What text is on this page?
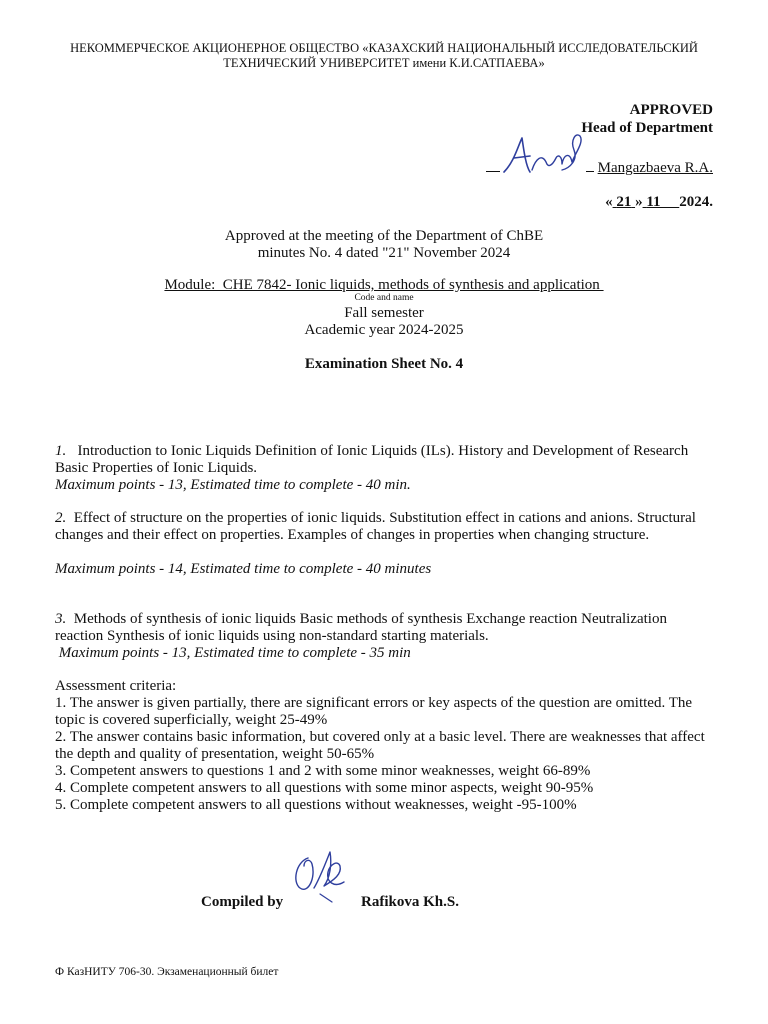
НЕКОММЕРЧЕСКОЕ АКЦИОНЕРНОЕ ОБЩЕСТВО «КАЗАХСКИЙ НАЦИОНАЛЬНЫЙ ИССЛЕДОВАТЕЛЬСКИЙ
ТЕХНИЧЕСКИЙ УНИВЕРСИТЕТ имени К.И.САТПАЕВА»
APPROVED
Head of Department
Mangazbaeva R.A.
« 21 » 11 2024.
Approved at the meeting of the Department of ChBE
minutes No. 4 dated "21" November 2024
Module:  CHE 7842- Ionic liquids, methods of synthesis and application
Code and name
Fall semester
Academic year 2024-2025
Examination Sheet No. 4
1. Introduction to Ionic Liquids Definition of Ionic Liquids (ILs). History and Development of Research Basic Properties of Ionic Liquids.
Maximum points - 13, Estimated time to complete - 40 min.
2. Effect of structure on the properties of ionic liquids. Substitution effect in cations and anions. Structural changes and their effect on properties. Examples of changes in properties when changing structure.
Maximum points - 14, Estimated time to complete - 40 minutes
3. Methods of synthesis of ionic liquids Basic methods of synthesis Exchange reaction Neutralization reaction Synthesis of ionic liquids using non-standard starting materials.
Maximum points - 13, Estimated time to complete - 35 min
Assessment criteria:
1. The answer is given partially, there are significant errors or key aspects of the question are omitted. The topic is covered superficially, weight 25-49%
2. The answer contains basic information, but covered only at a basic level. There are weaknesses that affect the depth and quality of presentation, weight 50-65%
3. Competent answers to questions 1 and 2 with some minor weaknesses, weight 66-89%
4. Complete competent answers to all questions with some minor aspects, weight 90-95%
5. Complete competent answers to all questions without weaknesses, weight -95-100%
Compiled by	Rafikova Kh.S.
Ф КазНИТУ 706-30. Экзаменационный билет
